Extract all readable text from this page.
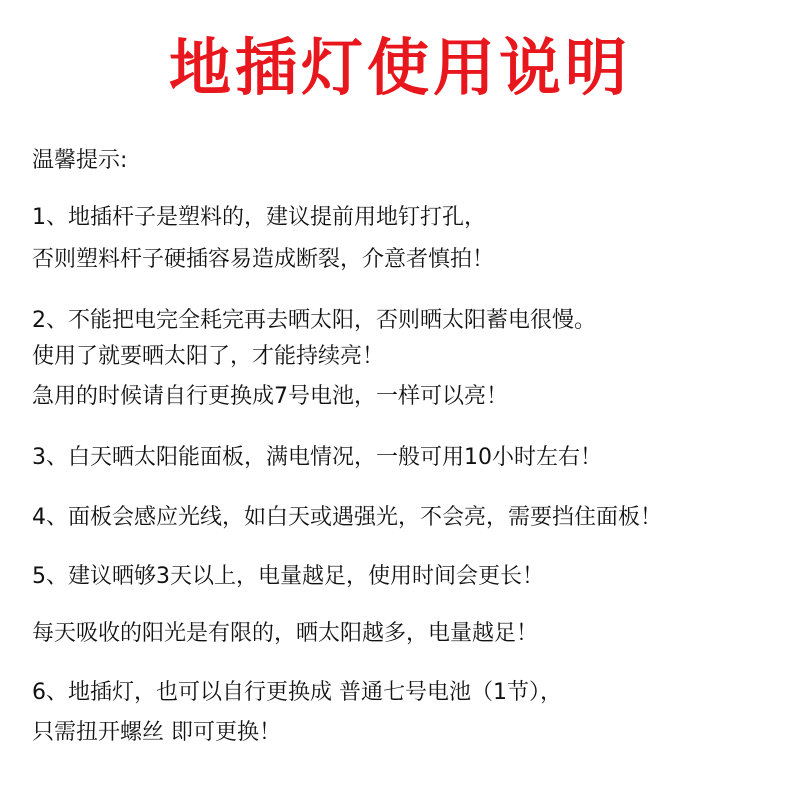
地插灯使用说明
温馨提示:
1、地插杆子是塑料的，建议提前用地钉打孔，
否则塑料杆子硬插容易造成断裂，介意者慎拍！
2、不能把电完全耗完再去晒太阳，否则晒太阳蓄电很慢。
使用了就要晒太阳了，才能持续亮！
急用的时候请自行更换成7号电池，一样可以亮！
3、白天晒太阳能面板，满电情况，一般可用10小时左右！
4、面板会感应光线，如白天或遇强光，不会亮，需要挡住面板！
5、建议晒够3天以上，电量越足，使用时间会更长！
每天吸收的阳光是有限的，晒太阳越多，电量越足！
6、地插灯，也可以自行更换成 普通七号电池（1节），
只需扭开螺丝 即可更换！
